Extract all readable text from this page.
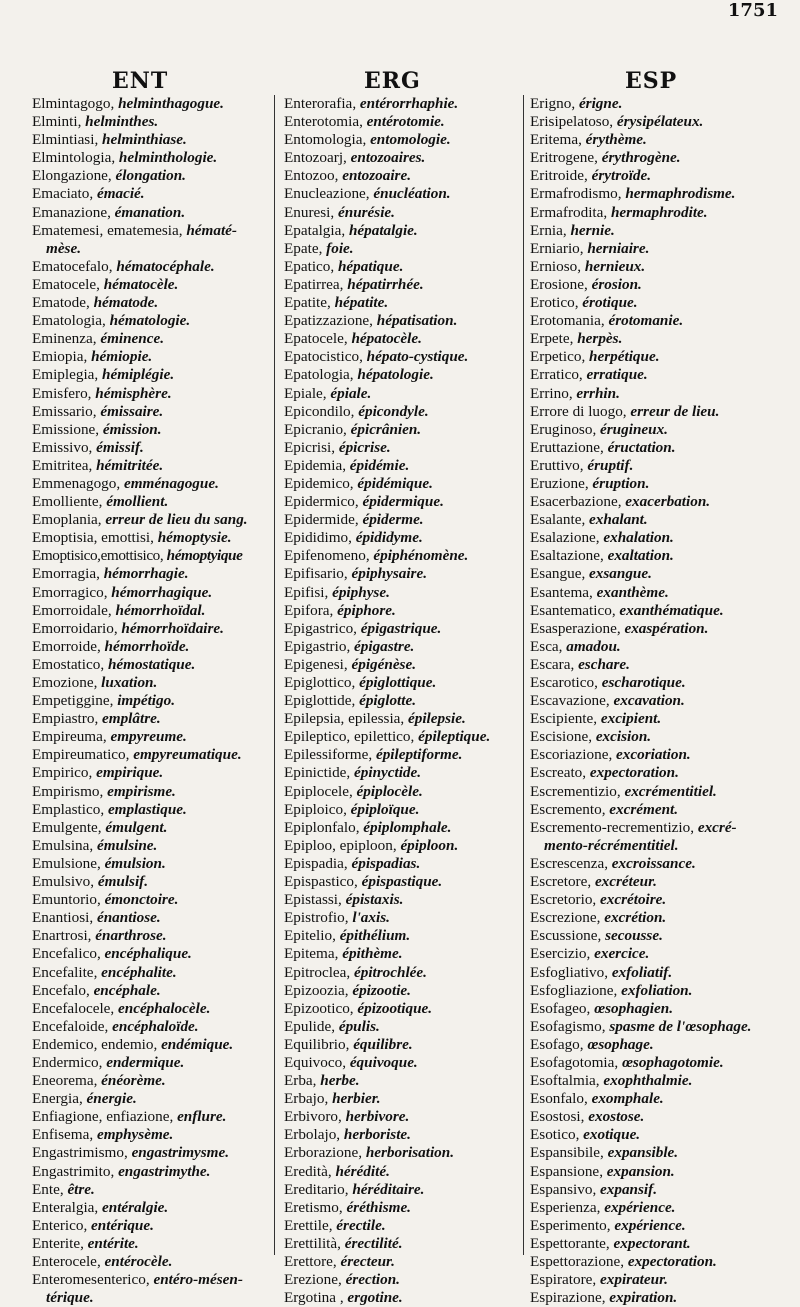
ENT	ERG	ESP
1751
Elmintagogo, helminthagogue.
Elminti, helminthes.
Elmintiasi, helminthiase.
Elmintologia, helminthologie.
Elongazione, élongation.
Emaciato, émacié.
Emanazione, émanation.
Ematemesi, ematemesia, hématé-
mèse.
Ematocefalo, hématocéphale.
Ematocele, hématocèle.
Ematode, hématode.
Ematologia, hématologie.
Eminenza, éminence.
Emiopia, hémiopie.
Emiplegia, hémiplégie.
Emisfero, hémisphère.
Emissario, émissaire.
Emissione, émission.
Emissivo, émissif.
Emitritea, hémitritée.
Emmenagogo, emménagogue.
Emolliente, émollient.
Emoplania, erreur de lieu du sang.
Emoptisia, emottisi, hémoptysie.
Emoptisico,emottisico, hémoptyique
Emorragia, hémorrhagie.
Emorragico, hémorrhagique.
Emorroidale, hémorrhoïdal.
Emorroidario, hémorrhoïdaire.
Emorroide, hémorrhoïde.
Emostatico, hémostatique.
Emozione, luxation.
Empetiggine, impétigo.
Empiastro, emplâtre.
Empireuma, empyreume.
Empireumatico, empyreumatique.
Empirico, empirique.
Empirismo, empirisme.
Emplastico, emplastique.
Emulgente, émulgent.
Emulsina, émulsine.
Emulsione, émulsion.
Emulsivo, émulsif.
Emuntorio, émonctoire.
Enantiosi, énantiose.
Enartrosi, énarthrose.
Encefalico, encéphalique.
Encefalite, encéphalite.
Encefalo, encéphale.
Encefalocele, encéphalocèle.
Encefaloide, encéphaloïde.
Endemico, endemio, endémique.
Endermico, endermique.
Eneorema, énéorème.
Energia, énergie.
Enfiagione, enfiazione, enflure.
Enfisema, emphysème.
Engastrimismo, engastrimysme.
Engastrimito, engastrimythe.
Ente, être.
Enteralgia, entéralgie.
Enterico, entérique.
Enterite, entérite.
Enterocele, entérocèle.
Enteromesenterico, entéro-mésen-
térique.
Enterorafia, entérorrhaphie.
Enterotomia, entérotomie.
Entomologia, entomologie.
Entozoarj, entozoaires.
Entozoo, entozoaire.
Enucleazione, énucléation.
Enuresi, énurésie.
Epatalgia, hépatalgie.
Epate, foie.
Epatico, hépatique.
Epatirrea, hépatirrhée.
Epatite, hépatite.
Epatizzazione, hépatisation.
Epatocele, hépatocèle.
Epatocistico, hépato-cystique.
Epatologia, hépatologie.
Epiale, épiale.
Epicondilo, épicondyle.
Epicranio, épicrânien.
Epicrisi, épicrise.
Epidemia, épidémie.
Epidemico, épidémique.
Epidermico, épidermique.
Epidermide, épiderme.
Epididimo, épididyme.
Epifenomeno, épiphénomène.
Epifisario, épiphysaire.
Epifisi, épiphyse.
Epifora, épiphore.
Epigastrico, épigastrique.
Epigastrio, épigastre.
Epigenesi, épigénèse.
Epiglottico, épiglottique.
Epiglottide, épiglotte.
Epilepsia, epilessia, épilepsie.
Epileptico, epilettico, épileptique.
Epilessiforme, épileptiforme.
Epinictide, épinyctide.
Epiplocele, épiplocèle.
Epiploico, épiploïque.
Epiplonfalo, épiplomphale.
Epiploo, epiploon, épiploon.
Epispadia, épispadias.
Epispastico, épispastique.
Epistassi, épistaxis.
Epistrofio, l'axis.
Epitelio, épithélium.
Epitema, épithème.
Epitroclea, épitrochlée.
Epizoozia, épizootie.
Epizootico, épizootique.
Epulide, épulis.
Equilibrio, équilibre.
Equivoco, équivoque.
Erba, herbe.
Erbajo, herbier.
Erbivoro, herbivore.
Erbolajo, herboriste.
Erborazione, herborisation.
Eredità, hérédité.
Ereditario, héréditaire.
Eretismo, éréthisme.
Erettile, érectile.
Erettilità, érectilité.
Erettore, érecteur.
Erezione, érection.
Ergotina , ergotine.
Erigno, érigne.
Erisipelatoso, érysipélateux.
Eritema, érythème.
Eritrogene, érythrogène.
Eritroide, érytroïde.
Ermafrodismo, hermaphrodisme.
Ermafrodita, hermaphrodite.
Ernia, hernie.
Erniario, herniaire.
Ernioso, hernieux.
Erosione, érosion.
Erotico, érotique.
Erotomania, érotomanie.
Erpete, herpès.
Erpetico, herpétique.
Erratico, erratique.
Errino, errhin.
Errore di luogo, erreur de lieu.
Eruginoso, érugineux.
Eruttazione, éructation.
Eruttivo, éruptif.
Eruzione, éruption.
Esacerbazione, exacerbation.
Esalante, exhalant.
Esalazione, exhalation.
Esaltazione, exaltation.
Esangue, exsangue.
Esantema, exanthème.
Esantematico, exanthématique.
Esasperazione, exaspération.
Esca, amadou.
Escara, eschare.
Escarotico, escharotique.
Escavazione, excavation.
Escipiente, excipient.
Escisione, excision.
Escoriazione, excoriation.
Escreato, expectoration.
Escrementizio, excrémentitiel.
Escremento, excrément.
Escremento-recrementizio, excré-
mento-récrémentitiel.
Escrescenza, excroissance.
Escretore, excréteur.
Escretorio, excrétoire.
Escrezione, excrétion.
Escussione, secousse.
Esercizio, exercice.
Esfogliativo, exfoliatif.
Esfogliazione, exfoliation.
Esofageo, œsophagien.
Esofagismo, spasme de l'œsophage.
Esofago, œsophage.
Esofagotomia, œsophagotomie.
Esoftalmia, exophthalmie.
Esonfalo, exomphale.
Esostosi, exostose.
Esotico, exotique.
Espansibile, expansible.
Espansione, expansion.
Espansivo, expansif.
Esperienza, expérience.
Esperimento, expérience.
Espettorante, expectorant.
Espettorazione, expectoration.
Espiratore, expirateur.
Espirazione, expiration.
